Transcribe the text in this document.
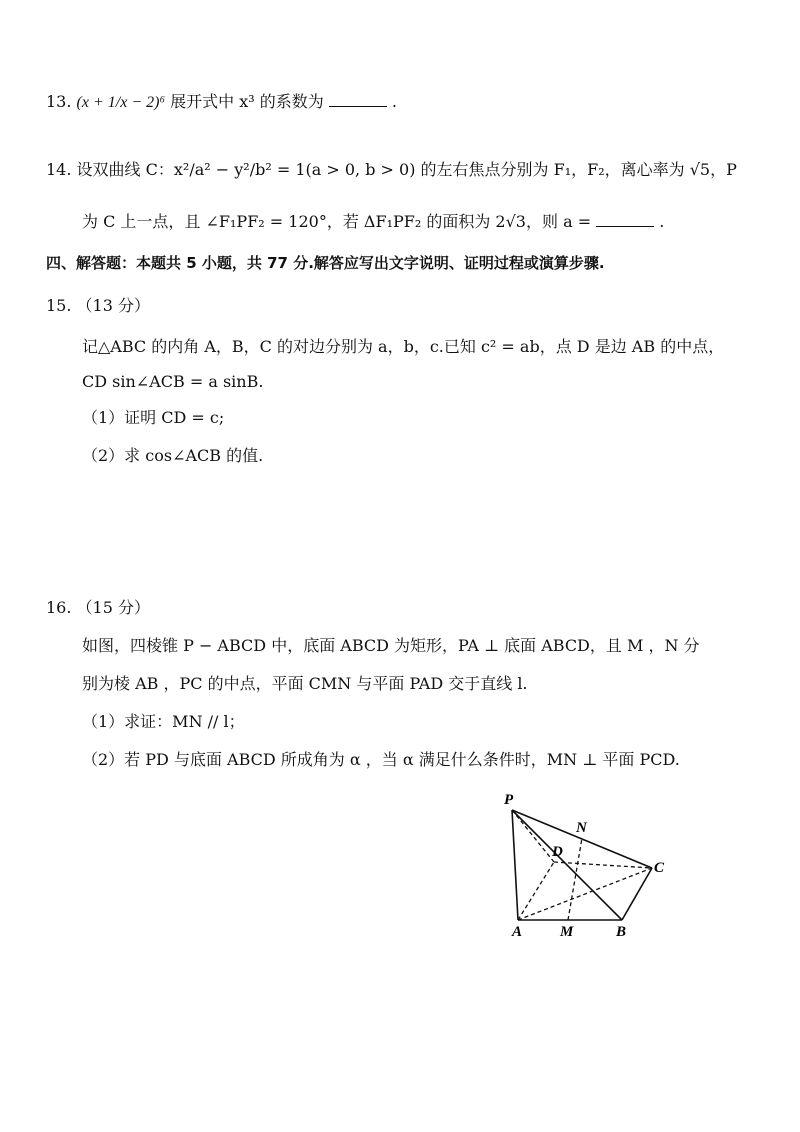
13. (x + 1/x − 2)⁶ 展开式中 x³ 的系数为	.
14. 设双曲线 C：x²/a² − y²/b² = 1(a > 0, b > 0) 的左右焦点分别为 F₁，F₂，离心率为 √5，P
为 C 上一点，且 ∠F₁PF₂ = 120°，若 ΔF₁PF₂ 的面积为 2√3，则 a =	.
四、解答题：本题共 5 小题，共 77 分.解答应写出文字说明、证明过程或演算步骤.
15. （13 分）
记△ABC 的内角 A，B，C 的对边分别为 a，b，c.已知 c² = ab，点 D 是边 AB 的中点，
CD sin∠ACB = a sinB.
（1）证明 CD = c;
（2）求 cos∠ACB 的值.
16. （15 分）
如图，四棱锥 P − ABCD 中，底面 ABCD 为矩形，PA ⊥ 底面 ABCD，且 M ，N 分
别为棱 AB ，PC 的中点，平面 CMN 与平面 PAD 交于直线 l.
（1）求证：MN // l；
（2）若 PD 与底面 ABCD 所成角为 α ，当 α 满足什么条件时，MN ⊥ 平面 PCD.
P
N
D
C
A	M	B
